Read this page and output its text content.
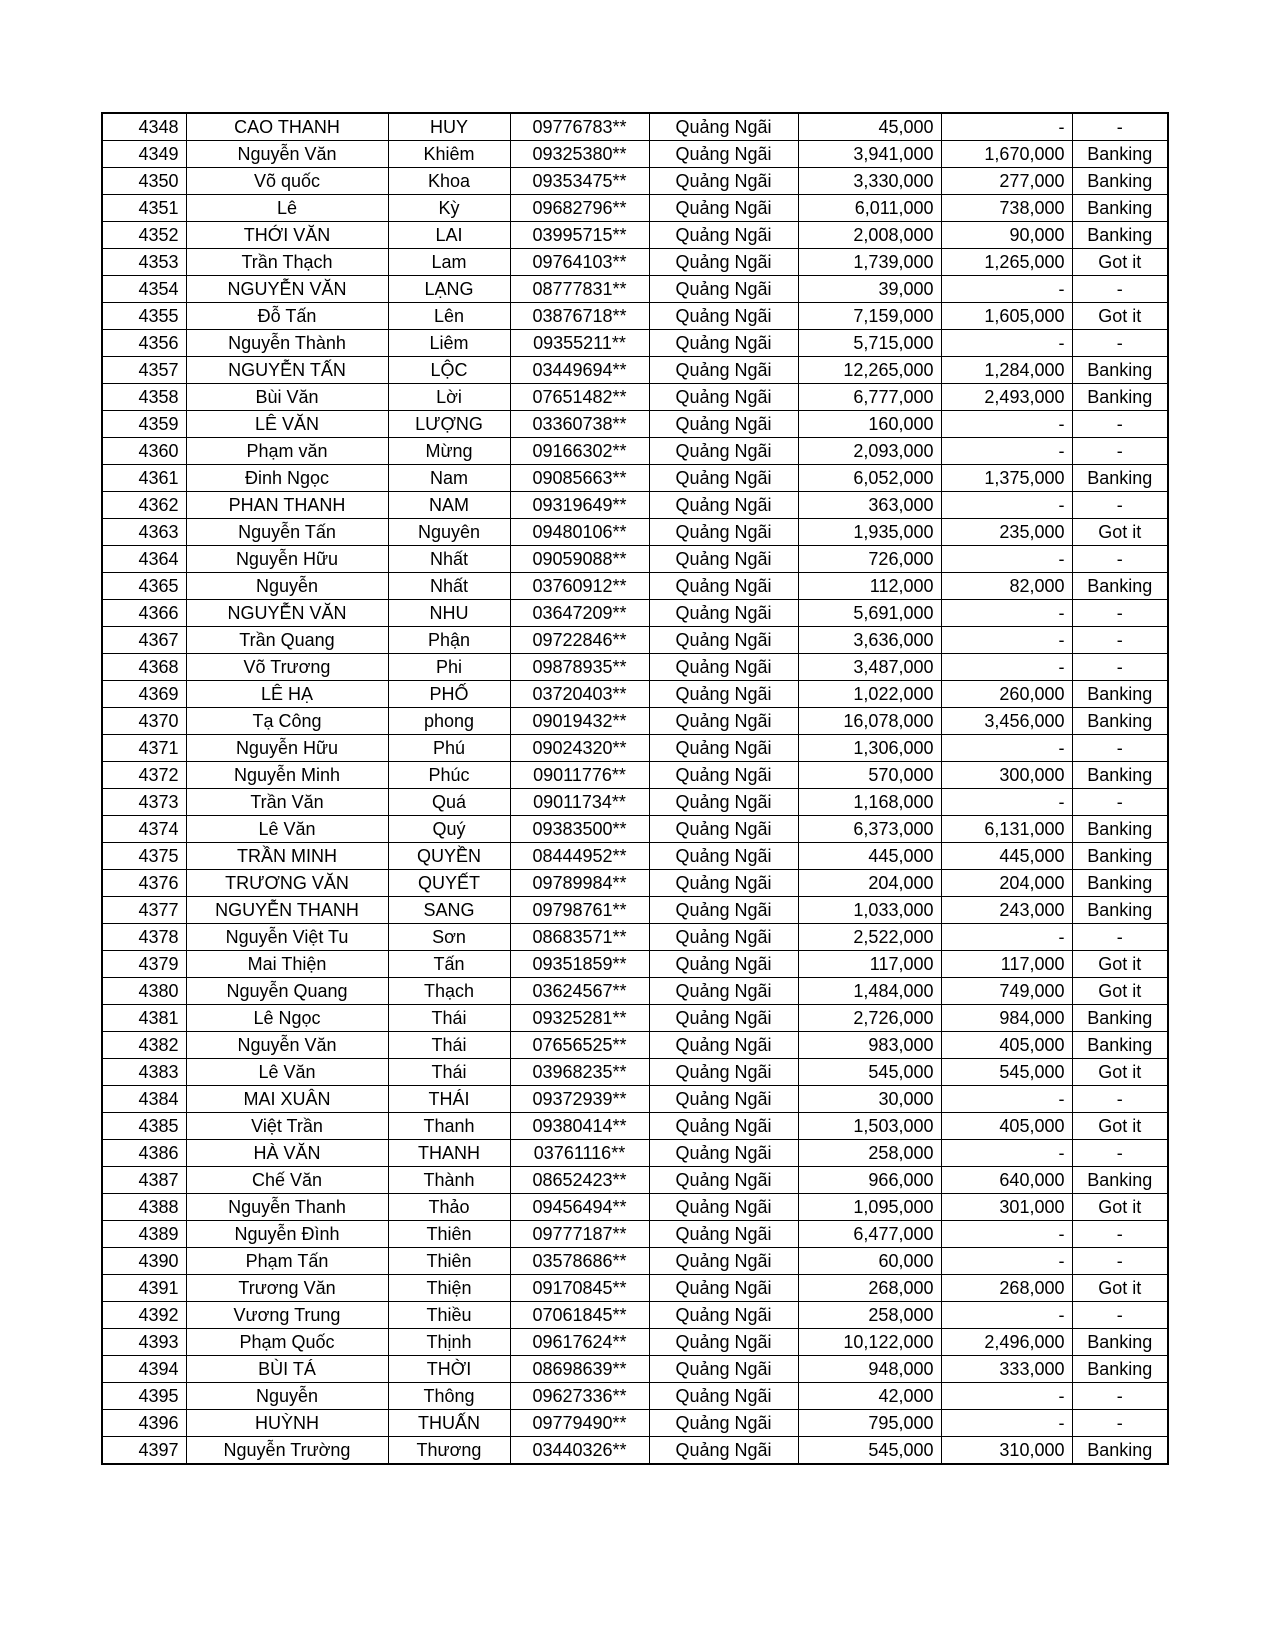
4348	CAO THANH	HUY	09776783**	Quảng Ngãi	45,000	-	-
4349	Nguyễn Văn	Khiêm	09325380**	Quảng Ngãi	3,941,000	1,670,000	Banking
4350	Võ quốc	Khoa	09353475**	Quảng Ngãi	3,330,000	277,000	Banking
4351	Lê	Kỳ	09682796**	Quảng Ngãi	6,011,000	738,000	Banking
4352	THỚI VĂN	LAI	03995715**	Quảng Ngãi	2,008,000	90,000	Banking
4353	Trần Thạch	Lam	09764103**	Quảng Ngãi	1,739,000	1,265,000	Got it
4354	NGUYỄN VĂN	LẠNG	08777831**	Quảng Ngãi	39,000	-	-
4355	Đỗ Tấn	Lên	03876718**	Quảng Ngãi	7,159,000	1,605,000	Got it
4356	Nguyễn Thành	Liêm	09355211**	Quảng Ngãi	5,715,000	-	-
4357	NGUYỄN TẤN	LỘC	03449694**	Quảng Ngãi	12,265,000	1,284,000	Banking
4358	Bùi Văn	Lời	07651482**	Quảng Ngãi	6,777,000	2,493,000	Banking
4359	LÊ VĂN	LƯỢNG	03360738**	Quảng Ngãi	160,000	-	-
4360	Phạm văn	Mừng	09166302**	Quảng Ngãi	2,093,000	-	-
4361	Đinh Ngọc	Nam	09085663**	Quảng Ngãi	6,052,000	1,375,000	Banking
4362	PHAN THANH	NAM	09319649**	Quảng Ngãi	363,000	-	-
4363	Nguyễn Tấn	Nguyên	09480106**	Quảng Ngãi	1,935,000	235,000	Got it
4364	Nguyễn Hữu	Nhất	09059088**	Quảng Ngãi	726,000	-	-
4365	Nguyễn	Nhất	03760912**	Quảng Ngãi	112,000	82,000	Banking
4366	NGUYỄN VĂN	NHU	03647209**	Quảng Ngãi	5,691,000	-	-
4367	Trần Quang	Phận	09722846**	Quảng Ngãi	3,636,000	-	-
4368	Võ Trương	Phi	09878935**	Quảng Ngãi	3,487,000	-	-
4369	LÊ HẠ	PHỐ	03720403**	Quảng Ngãi	1,022,000	260,000	Banking
4370	Tạ Công	phong	09019432**	Quảng Ngãi	16,078,000	3,456,000	Banking
4371	Nguyễn Hữu	Phú	09024320**	Quảng Ngãi	1,306,000	-	-
4372	Nguyễn Minh	Phúc	09011776**	Quảng Ngãi	570,000	300,000	Banking
4373	Trần Văn	Quá	09011734**	Quảng Ngãi	1,168,000	-	-
4374	Lê Văn	Quý	09383500**	Quảng Ngãi	6,373,000	6,131,000	Banking
4375	TRẦN MINH	QUYỀN	08444952**	Quảng Ngãi	445,000	445,000	Banking
4376	TRƯƠNG VĂN	QUYẾT	09789984**	Quảng Ngãi	204,000	204,000	Banking
4377	NGUYỄN THANH	SANG	09798761**	Quảng Ngãi	1,033,000	243,000	Banking
4378	Nguyễn Việt Tu	Sơn	08683571**	Quảng Ngãi	2,522,000	-	-
4379	Mai Thiện	Tấn	09351859**	Quảng Ngãi	117,000	117,000	Got it
4380	Nguyễn Quang	Thạch	03624567**	Quảng Ngãi	1,484,000	749,000	Got it
4381	Lê Ngọc	Thái	09325281**	Quảng Ngãi	2,726,000	984,000	Banking
4382	Nguyễn Văn	Thái	07656525**	Quảng Ngãi	983,000	405,000	Banking
4383	Lê Văn	Thái	03968235**	Quảng Ngãi	545,000	545,000	Got it
4384	MAI XUÂN	THÁI	09372939**	Quảng Ngãi	30,000	-	-
4385	Việt Trần	Thanh	09380414**	Quảng Ngãi	1,503,000	405,000	Got it
4386	HÀ VĂN	THANH	03761116**	Quảng Ngãi	258,000	-	-
4387	Chế Văn	Thành	08652423**	Quảng Ngãi	966,000	640,000	Banking
4388	Nguyễn Thanh	Thảo	09456494**	Quảng Ngãi	1,095,000	301,000	Got it
4389	Nguyễn Đình	Thiên	09777187**	Quảng Ngãi	6,477,000	-	-
4390	Phạm Tấn	Thiên	03578686**	Quảng Ngãi	60,000	-	-
4391	Trương Văn	Thiện	09170845**	Quảng Ngãi	268,000	268,000	Got it
4392	Vương Trung	Thiều	07061845**	Quảng Ngãi	258,000	-	-
4393	Phạm Quốc	Thịnh	09617624**	Quảng Ngãi	10,122,000	2,496,000	Banking
4394	BÙI TÁ	THỜI	08698639**	Quảng Ngãi	948,000	333,000	Banking
4395	Nguyễn	Thông	09627336**	Quảng Ngãi	42,000	-	-
4396	HUỲNH	THUẤN	09779490**	Quảng Ngãi	795,000	-	-
4397	Nguyễn Trường	Thương	03440326**	Quảng Ngãi	545,000	310,000	Banking
